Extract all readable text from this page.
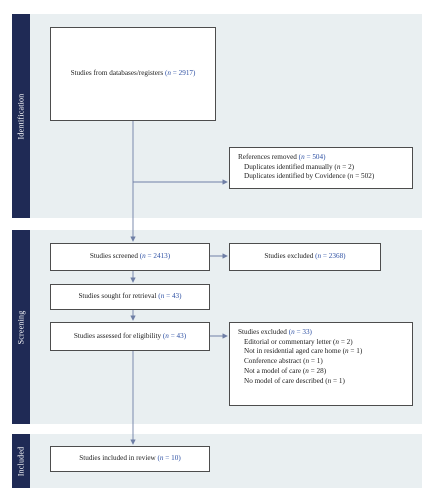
Identification
Screening
Included
Studies from databases/registers (n = 2917)
References removed (n = 504)
Duplicates identified manually (n = 2)
Duplicates identified by Covidence (n = 502)
Studies screened (n = 2413)	Studies excluded (n = 2368)
Studies sought for retrieval (n = 43)
Studies assessed for eligibility (n = 43)	Studies excluded (n = 33)
Editorial or commentary letter (n = 2)
Not in residential aged care home (n = 1)
Conference abstract (n = 1)
Not a model of care (n = 28)
No model of care described (n = 1)
Studies included in review (n = 10)
